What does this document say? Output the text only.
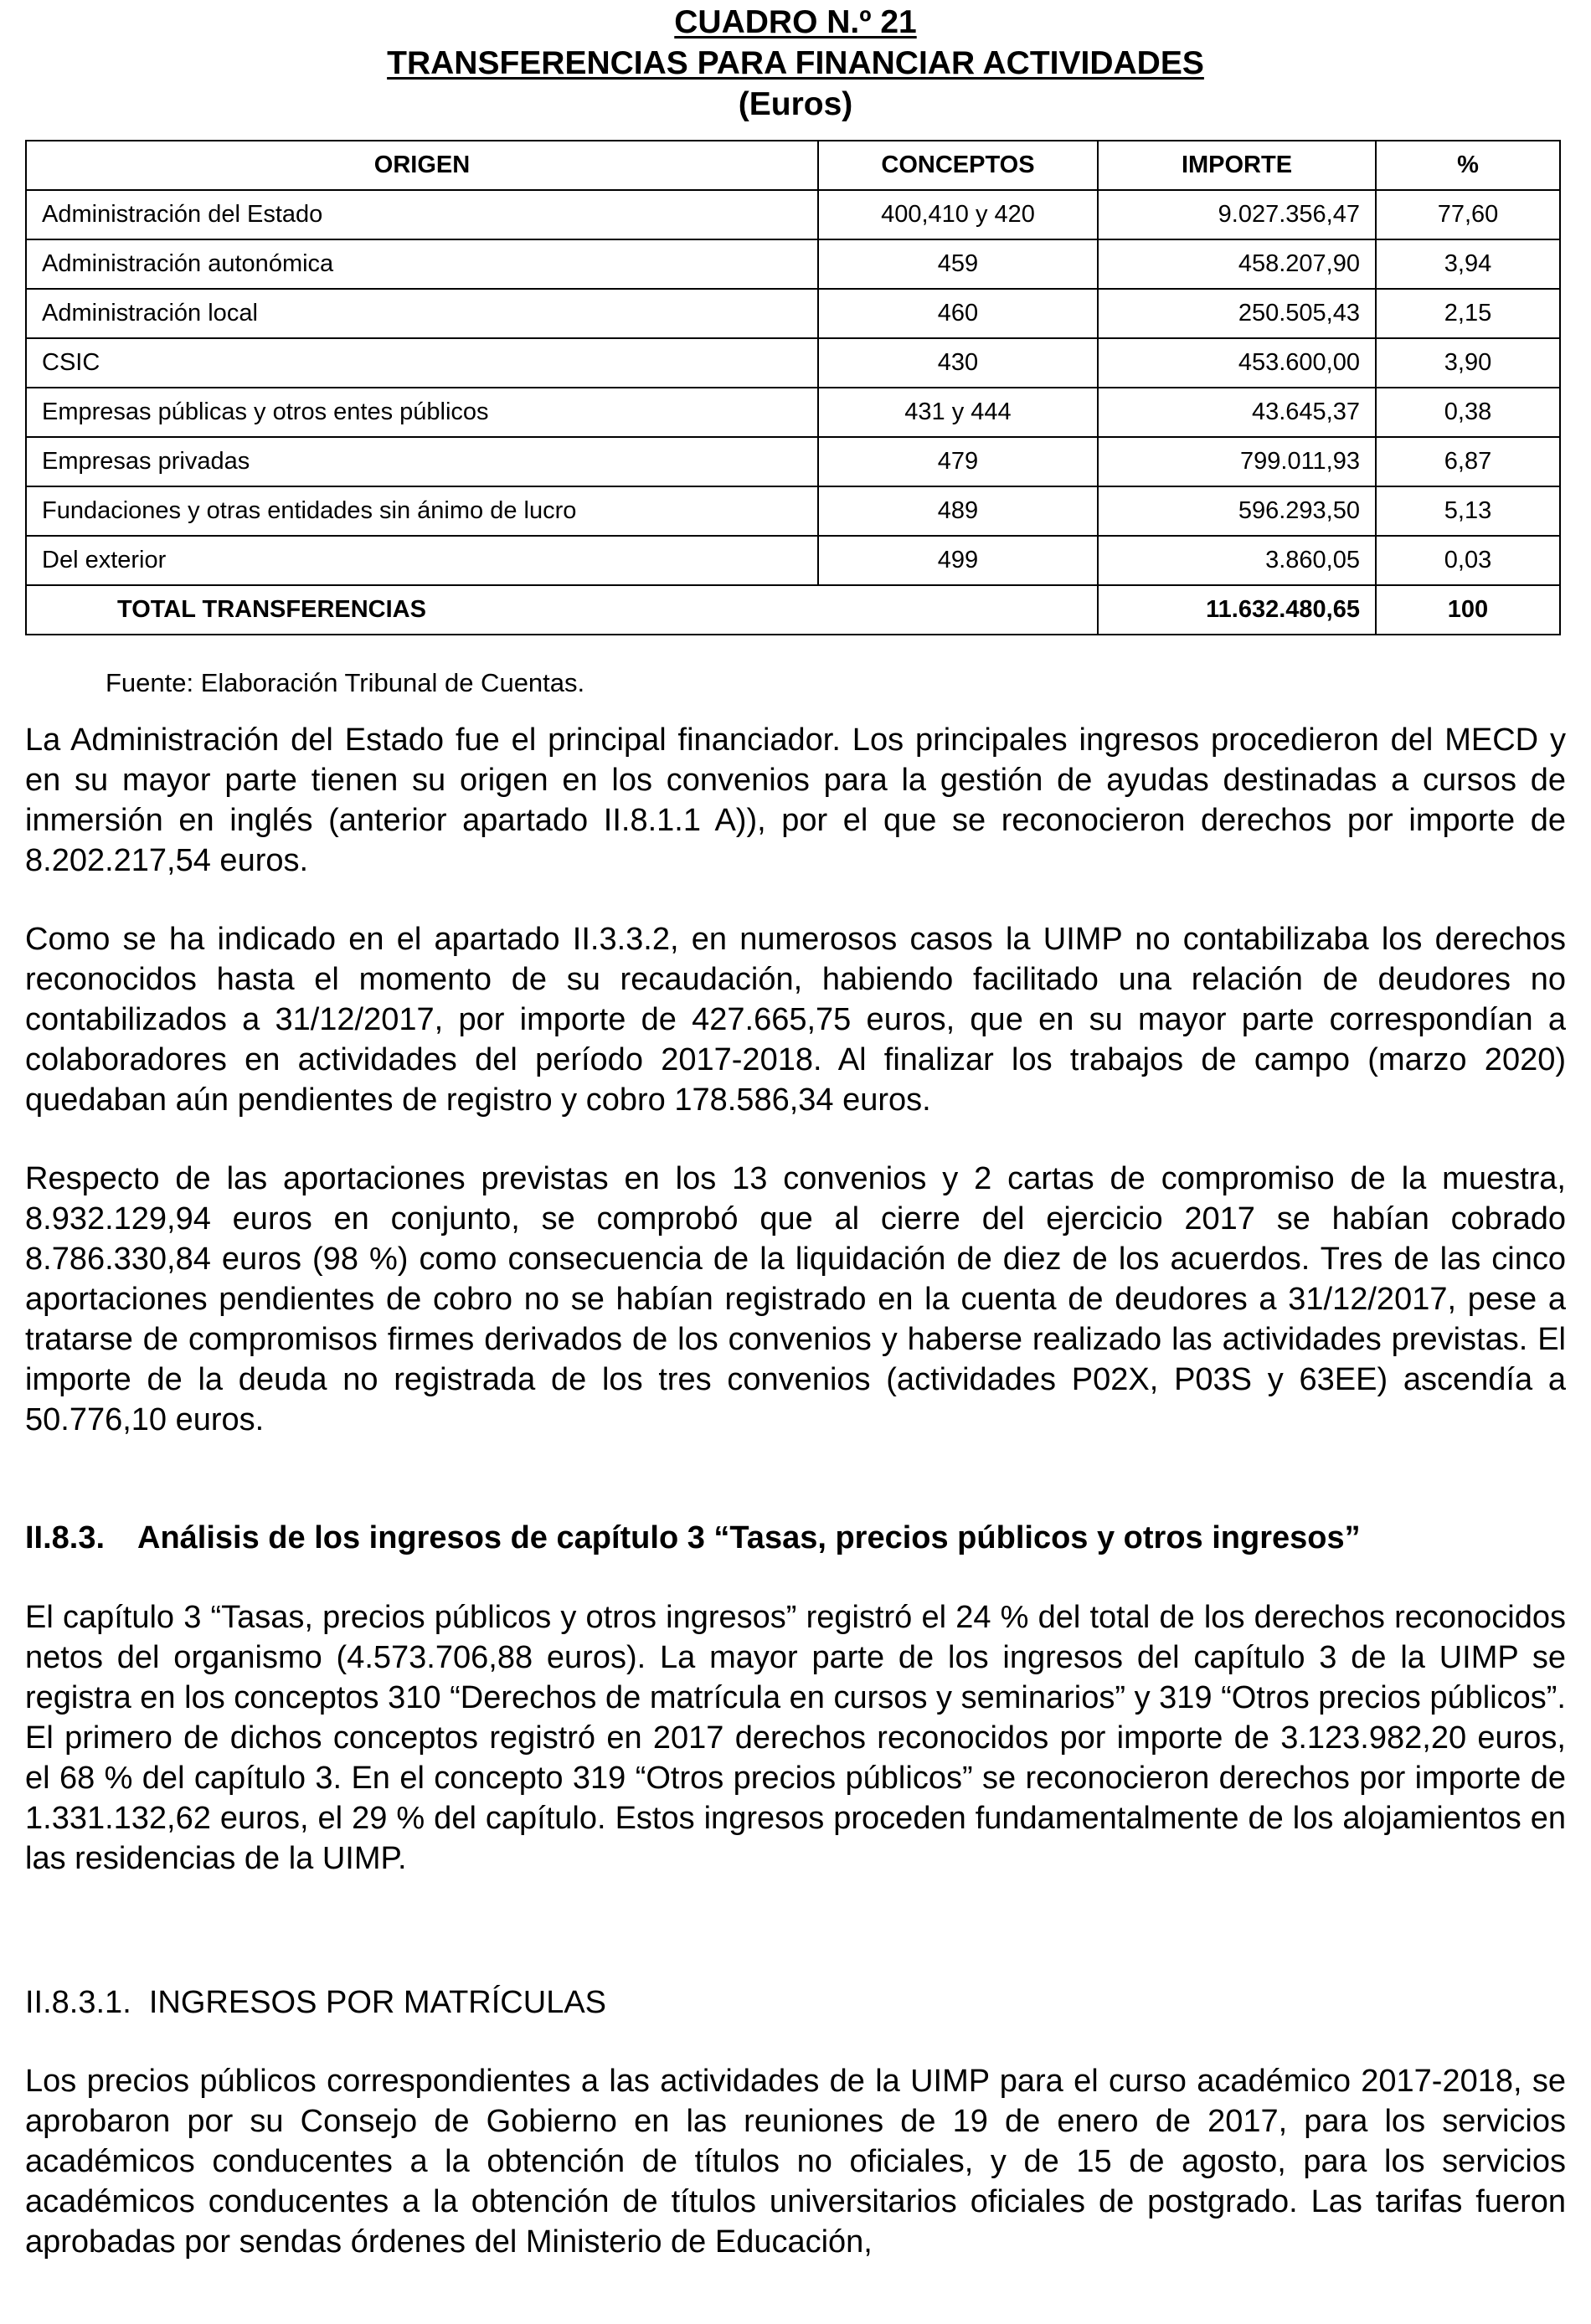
CUADRO N.º 21
TRANSFERENCIAS PARA FINANCIAR ACTIVIDADES
(Euros)
ORIGEN	CONCEPTOS	IMPORTE	%
Administración del Estado	400,410 y 420	9.027.356,47	77,60
Administración autonómica	459	458.207,90	3,94
Administración local	460	250.505,43	2,15
CSIC	430	453.600,00	3,90
Empresas públicas y otros entes públicos	431 y 444	43.645,37	0,38
Empresas privadas	479	799.011,93	6,87
Fundaciones y otras entidades sin ánimo de lucro	489	596.293,50	5,13
Del exterior	499	3.860,05	0,03
TOTAL TRANSFERENCIAS		11.632.480,65	100
Fuente: Elaboración Tribunal de Cuentas.

La Administración del Estado fue el principal financiador. Los principales ingresos procedieron del MECD y en su mayor parte tienen su origen en los convenios para la gestión de ayudas destinadas a cursos de inmersión en inglés (anterior apartado II.8.1.1 A)), por el que se reconocieron derechos por importe de 8.202.217,54 euros.

Como se ha indicado en el apartado II.3.3.2, en numerosos casos la UIMP no contabilizaba los derechos reconocidos hasta el momento de su recaudación, habiendo facilitado una relación de deudores no contabilizados a 31/12/2017, por importe de 427.665,75 euros, que en su mayor parte correspondían a colaboradores en actividades del período 2017-2018. Al finalizar los trabajos de campo (marzo 2020) quedaban aún pendientes de registro y cobro 178.586,34 euros.

Respecto de las aportaciones previstas en los 13 convenios y 2 cartas de compromiso de la muestra, 8.932.129,94 euros en conjunto, se comprobó que al cierre del ejercicio 2017 se habían cobrado 8.786.330,84 euros (98 %) como consecuencia de la liquidación de diez de los acuerdos. Tres de las cinco aportaciones pendientes de cobro no se habían registrado en la cuenta de deudores a 31/12/2017, pese a tratarse de compromisos firmes derivados de los convenios y haberse realizado las actividades previstas. El importe de la deuda no registrada de los tres convenios (actividades P02X, P03S y 63EE) ascendía a 50.776,10 euros.

II.8.3. Análisis de los ingresos de capítulo 3 “Tasas, precios públicos y otros ingresos”

El capítulo 3 “Tasas, precios públicos y otros ingresos” registró el 24 % del total de los derechos reconocidos netos del organismo (4.573.706,88 euros). La mayor parte de los ingresos del capítulo 3 de la UIMP se registra en los conceptos 310 “Derechos de matrícula en cursos y seminarios” y 319 “Otros precios públicos”. El primero de dichos conceptos registró en 2017 derechos reconocidos por importe de 3.123.982,20 euros, el 68 % del capítulo 3. En el concepto 319 “Otros precios públicos” se reconocieron derechos por importe de 1.331.132,62 euros, el 29 % del capítulo. Estos ingresos proceden fundamentalmente de los alojamientos en las residencias de la UIMP.

II.8.3.1.  INGRESOS POR MATRÍCULAS

Los precios públicos correspondientes a las actividades de la UIMP para el curso académico 2017-2018, se aprobaron por su Consejo de Gobierno en las reuniones de 19 de enero de 2017, para los servicios académicos conducentes a la obtención de títulos no oficiales, y de 15 de agosto, para los servicios académicos conducentes a la obtención de títulos universitarios oficiales de postgrado. Las tarifas fueron aprobadas por sendas órdenes del Ministerio de Educación,
